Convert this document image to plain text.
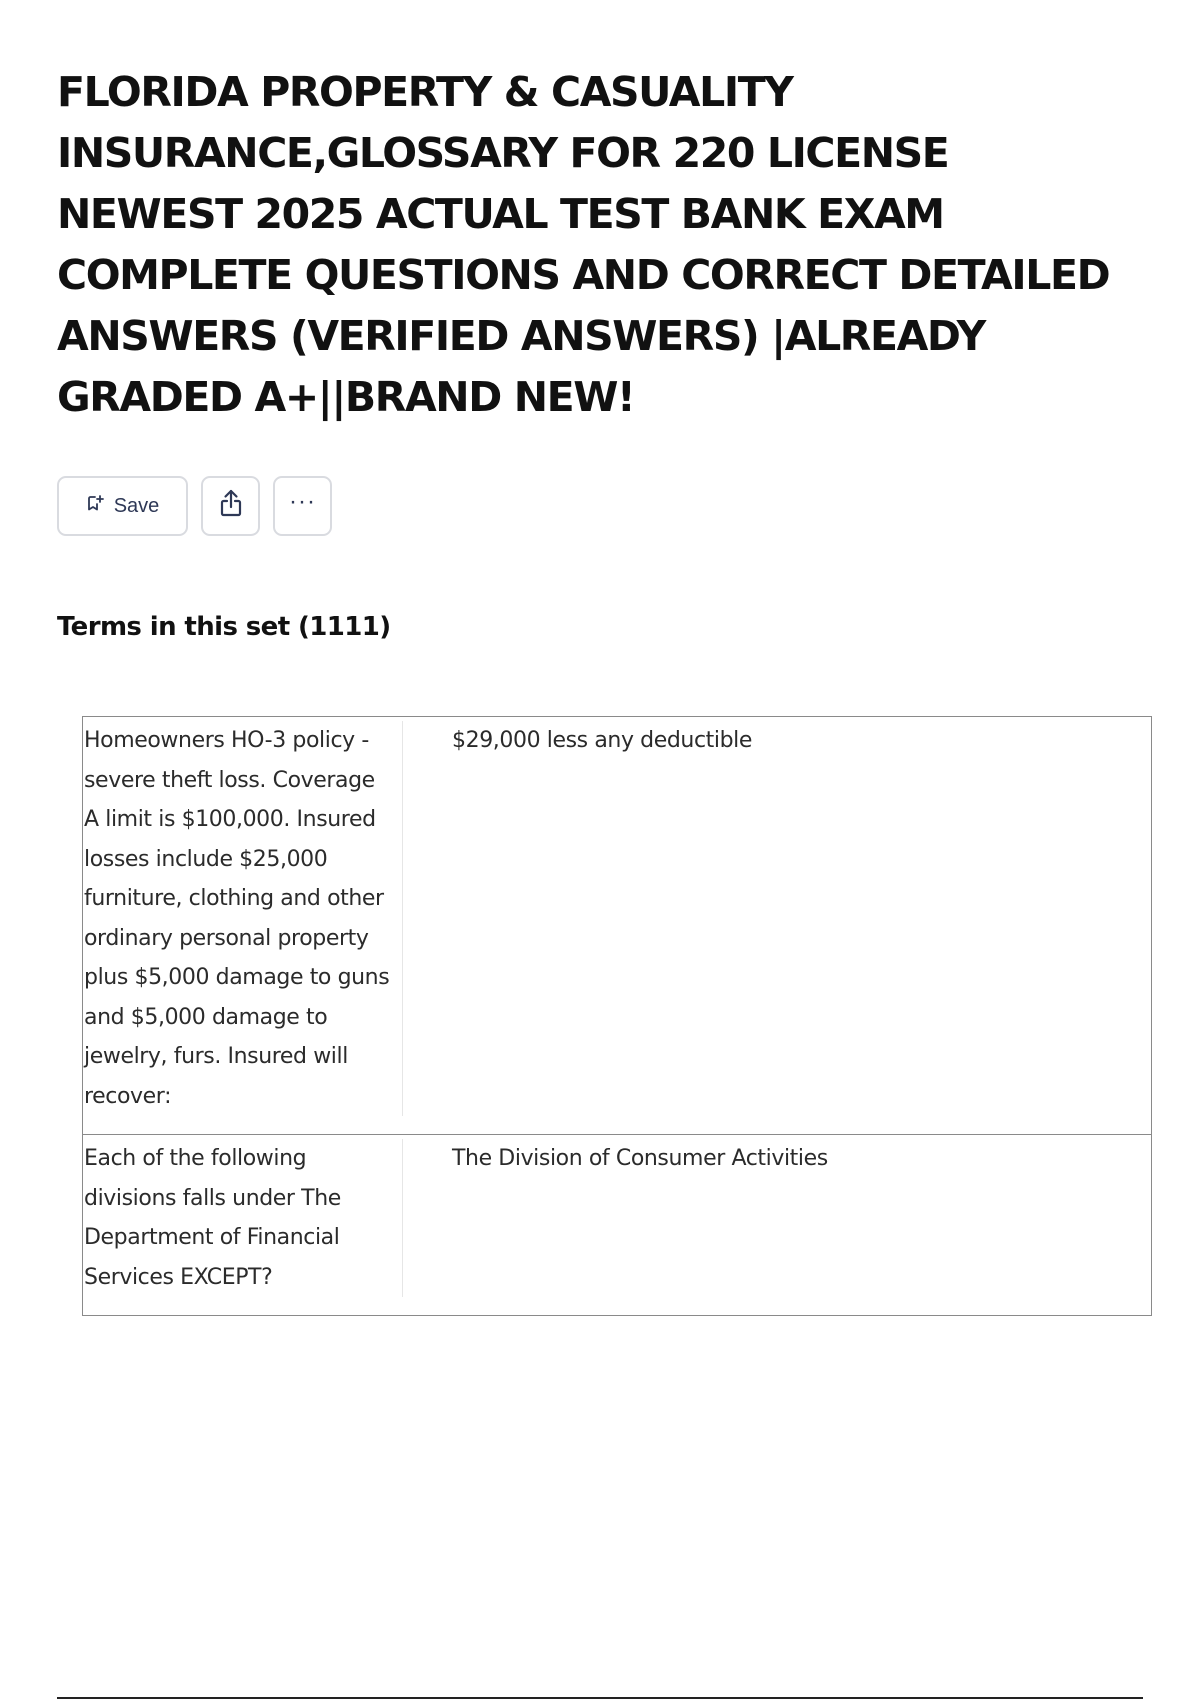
FLORIDA PROPERTY & CASUALITY INSURANCE,GLOSSARY FOR 220 LICENSE NEWEST 2025 ACTUAL TEST BANK EXAM COMPLETE QUESTIONS AND CORRECT DETAILED ANSWERS (VERIFIED ANSWERS) |ALREADY GRADED A+||BRAND NEW!
Save	···
Terms in this set (1111)
Homeowners HO-3 policy - severe theft loss. Coverage A limit is $100,000. Insured losses include $25,000 furniture, clothing and other ordinary personal property plus $5,000 damage to guns and $5,000 damage to jewelry, furs. Insured will recover:
$29,000 less any deductible
Each of the following divisions falls under The Department of Financial Services EXCEPT?
The Division of Consumer Activities
